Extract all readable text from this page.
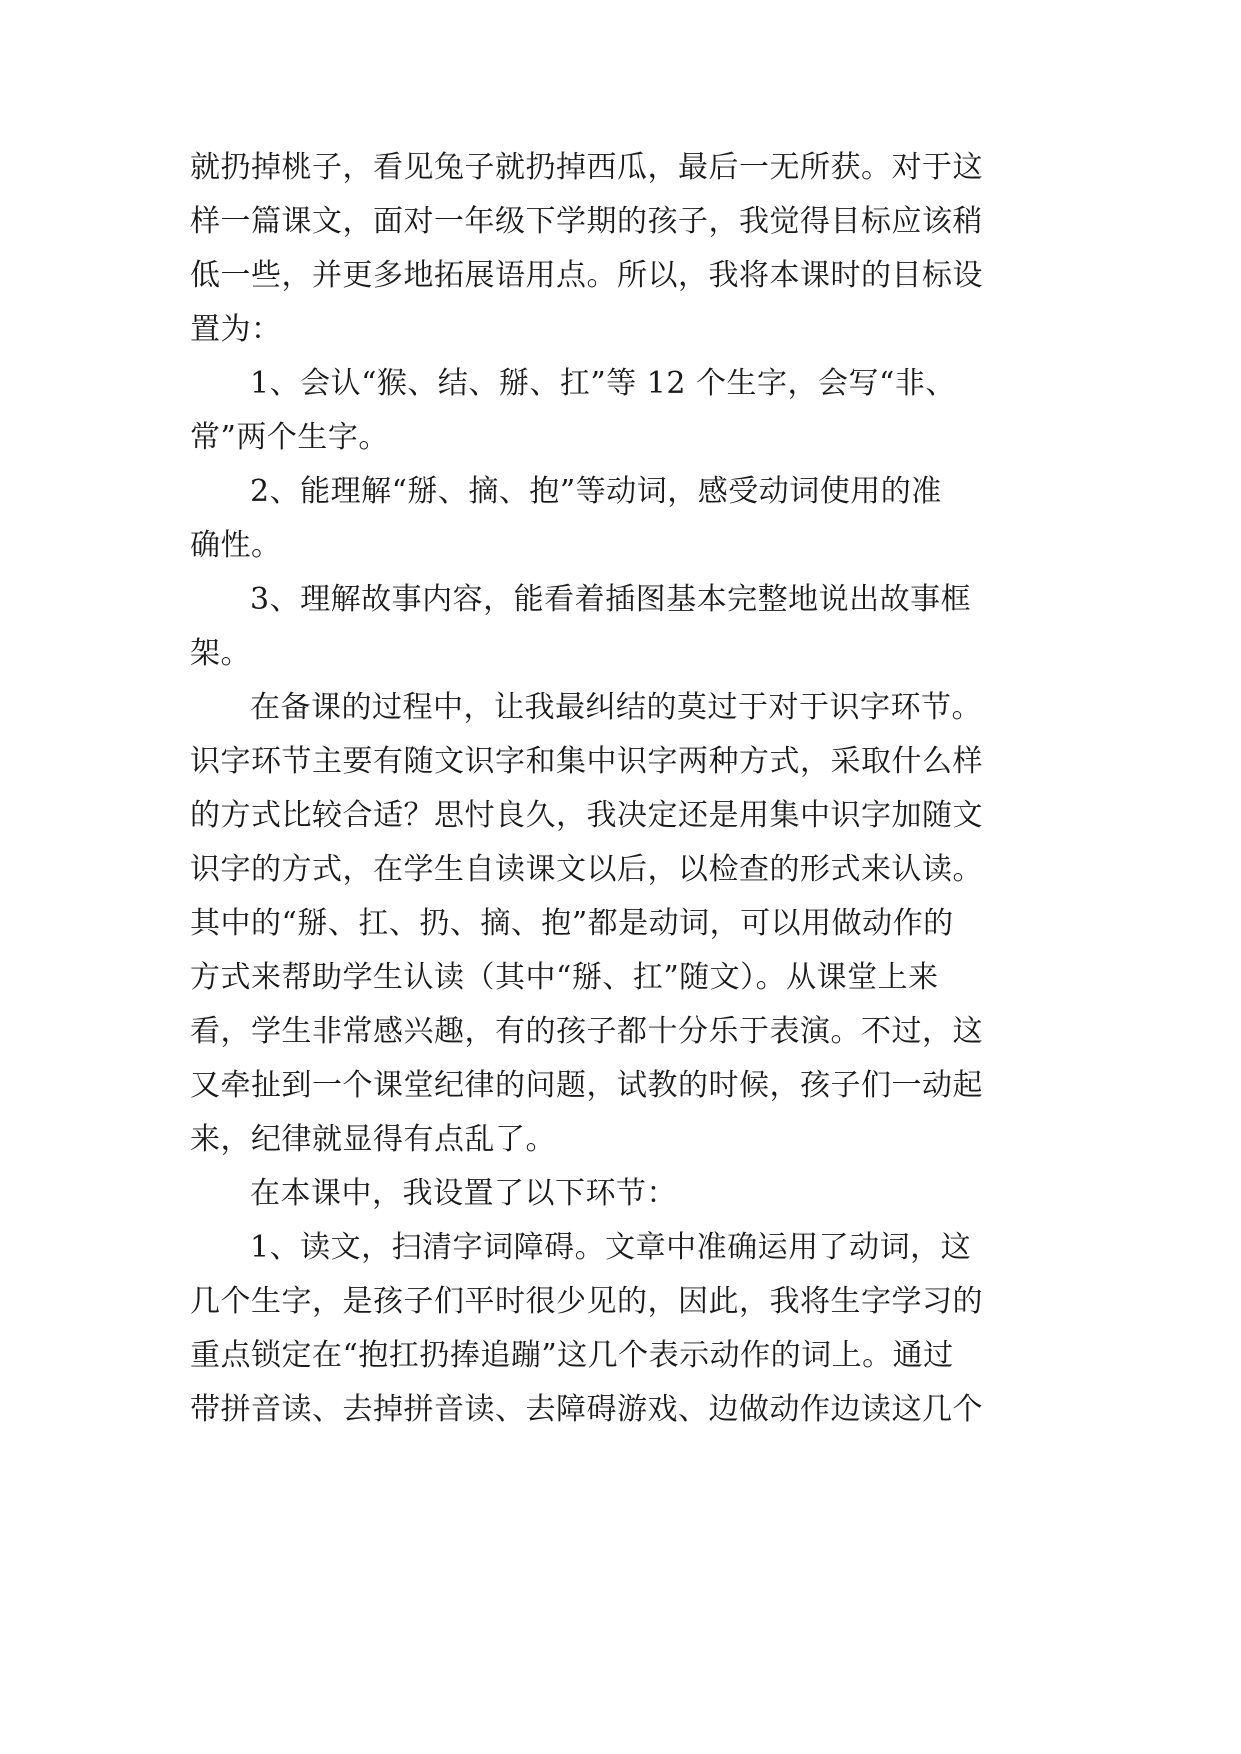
就扔掉桃子，看见兔子就扔掉西瓜，最后一无所获。对于这
样一篇课文，面对一年级下学期的孩子，我觉得目标应该稍
低一些，并更多地拓展语用点。所以，我将本课时的目标设
置为：
1、会认“猴、结、掰、扛”等 12 个生字，会写“非、
常”两个生字。
2、能理解“掰、摘、抱”等动词，感受动词使用的准
确性。
3、理解故事内容，能看着插图基本完整地说出故事框
架。
在备课的过程中，让我最纠结的莫过于对于识字环节。
识字环节主要有随文识字和集中识字两种方式，采取什么样
的方式比较合适？思忖良久，我决定还是用集中识字加随文
识字的方式，在学生自读课文以后，以检查的形式来认读。
其中的“掰、扛、扔、摘、抱”都是动词，可以用做动作的
方式来帮助学生认读（其中“掰、扛”随文）。从课堂上来
看，学生非常感兴趣，有的孩子都十分乐于表演。不过，这
又牵扯到一个课堂纪律的问题，试教的时候，孩子们一动起
来，纪律就显得有点乱了。
在本课中，我设置了以下环节：
1、读文，扫清字词障碍。文章中准确运用了动词，这
几个生字，是孩子们平时很少见的，因此，我将生字学习的
重点锁定在“抱扛扔捧追蹦”这几个表示动作的词上。通过
带拼音读、去掉拼音读、去障碍游戏、边做动作边读这几个
